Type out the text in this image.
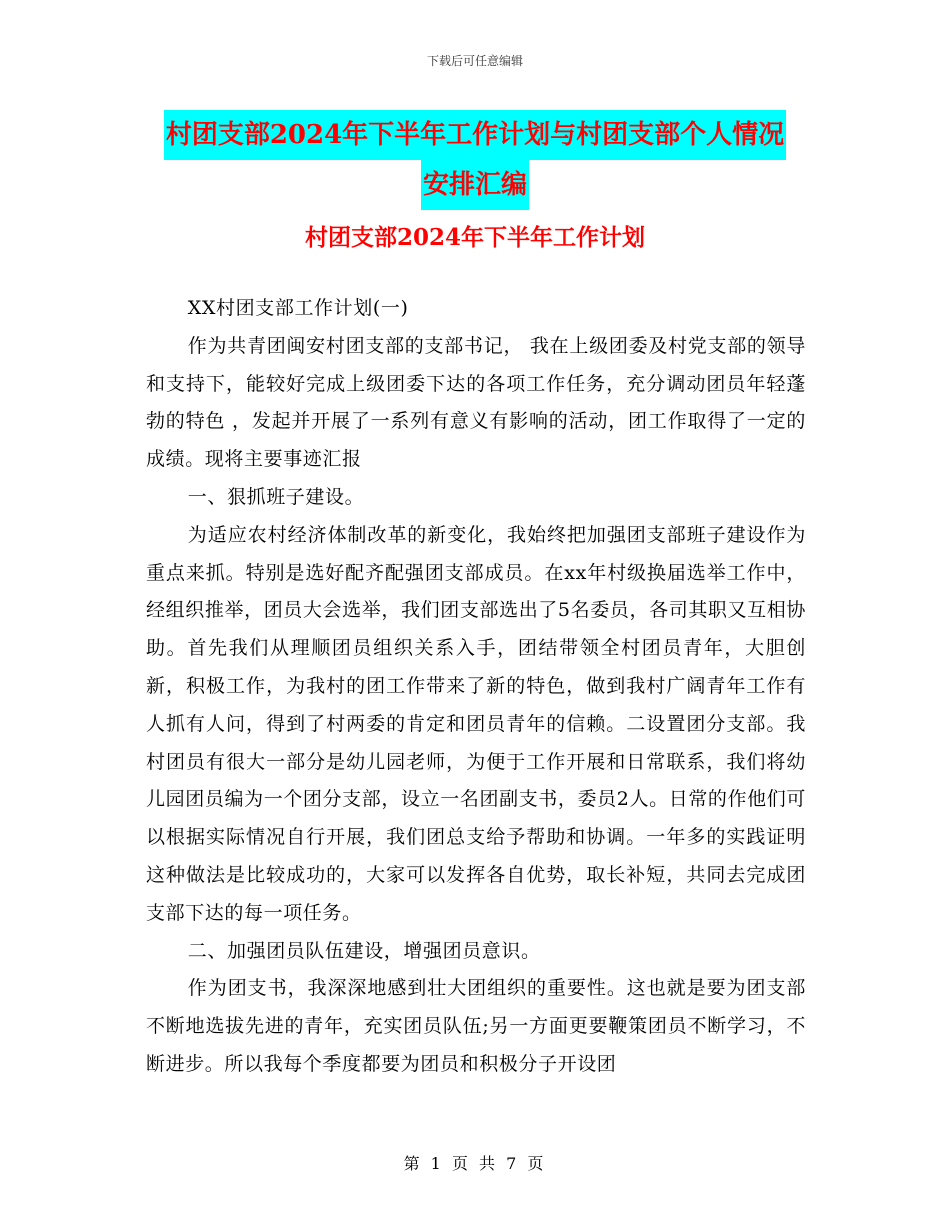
下载后可任意编辑
村团支部2024年下半年工作计划与村团支部个人情况
安排汇编
村团支部2024年下半年工作计划

XX村团支部工作计划(一)

作为共青团闽安村团支部的支部书记， 我在上级团委及村党支部的领导和支持下，能较好完成上级团委下达的各项工作任务，充分调动团员年轻蓬勃的特色 ，发起并开展了一系列有意义有影响的活动，团工作取得了一定的成绩。现将主要事迹汇报

一、狠抓班子建设。

为适应农村经济体制改革的新变化，我始终把加强团支部班子建设作为重点来抓。特别是选好配齐配强团支部成员。在xx年村级换届选举工作中，经组织推举，团员大会选举，我们团支部选出了5名委员，各司其职又互相协助。首先我们从理顺团员组织关系入手，团结带领全村团员青年，大胆创新，积极工作，为我村的团工作带来了新的特色，做到我村广阔青年工作有人抓有人问，得到了村两委的肯定和团员青年的信赖。二设置团分支部。我村团员有很大一部分是幼儿园老师，为便于工作开展和日常联系，我们将幼儿园团员编为一个团分支部，设立一名团副支书，委员2人。日常的作他们可以根据实际情况自行开展，我们团总支给予帮助和协调。一年多的实践证明这种做法是比较成功的，大家可以发挥各自优势，取长补短，共同去完成团支部下达的每一项任务。

二、加强团员队伍建设，增强团员意识。

作为团支书，我深深地感到壮大团组织的重要性。这也就是要为团支部不断地选拔先进的青年，充实团员队伍;另一方面更要鞭策团员不断学习，不断进步。所以我每个季度都要为团员和积极分子开设团

第 1 页 共 7 页
